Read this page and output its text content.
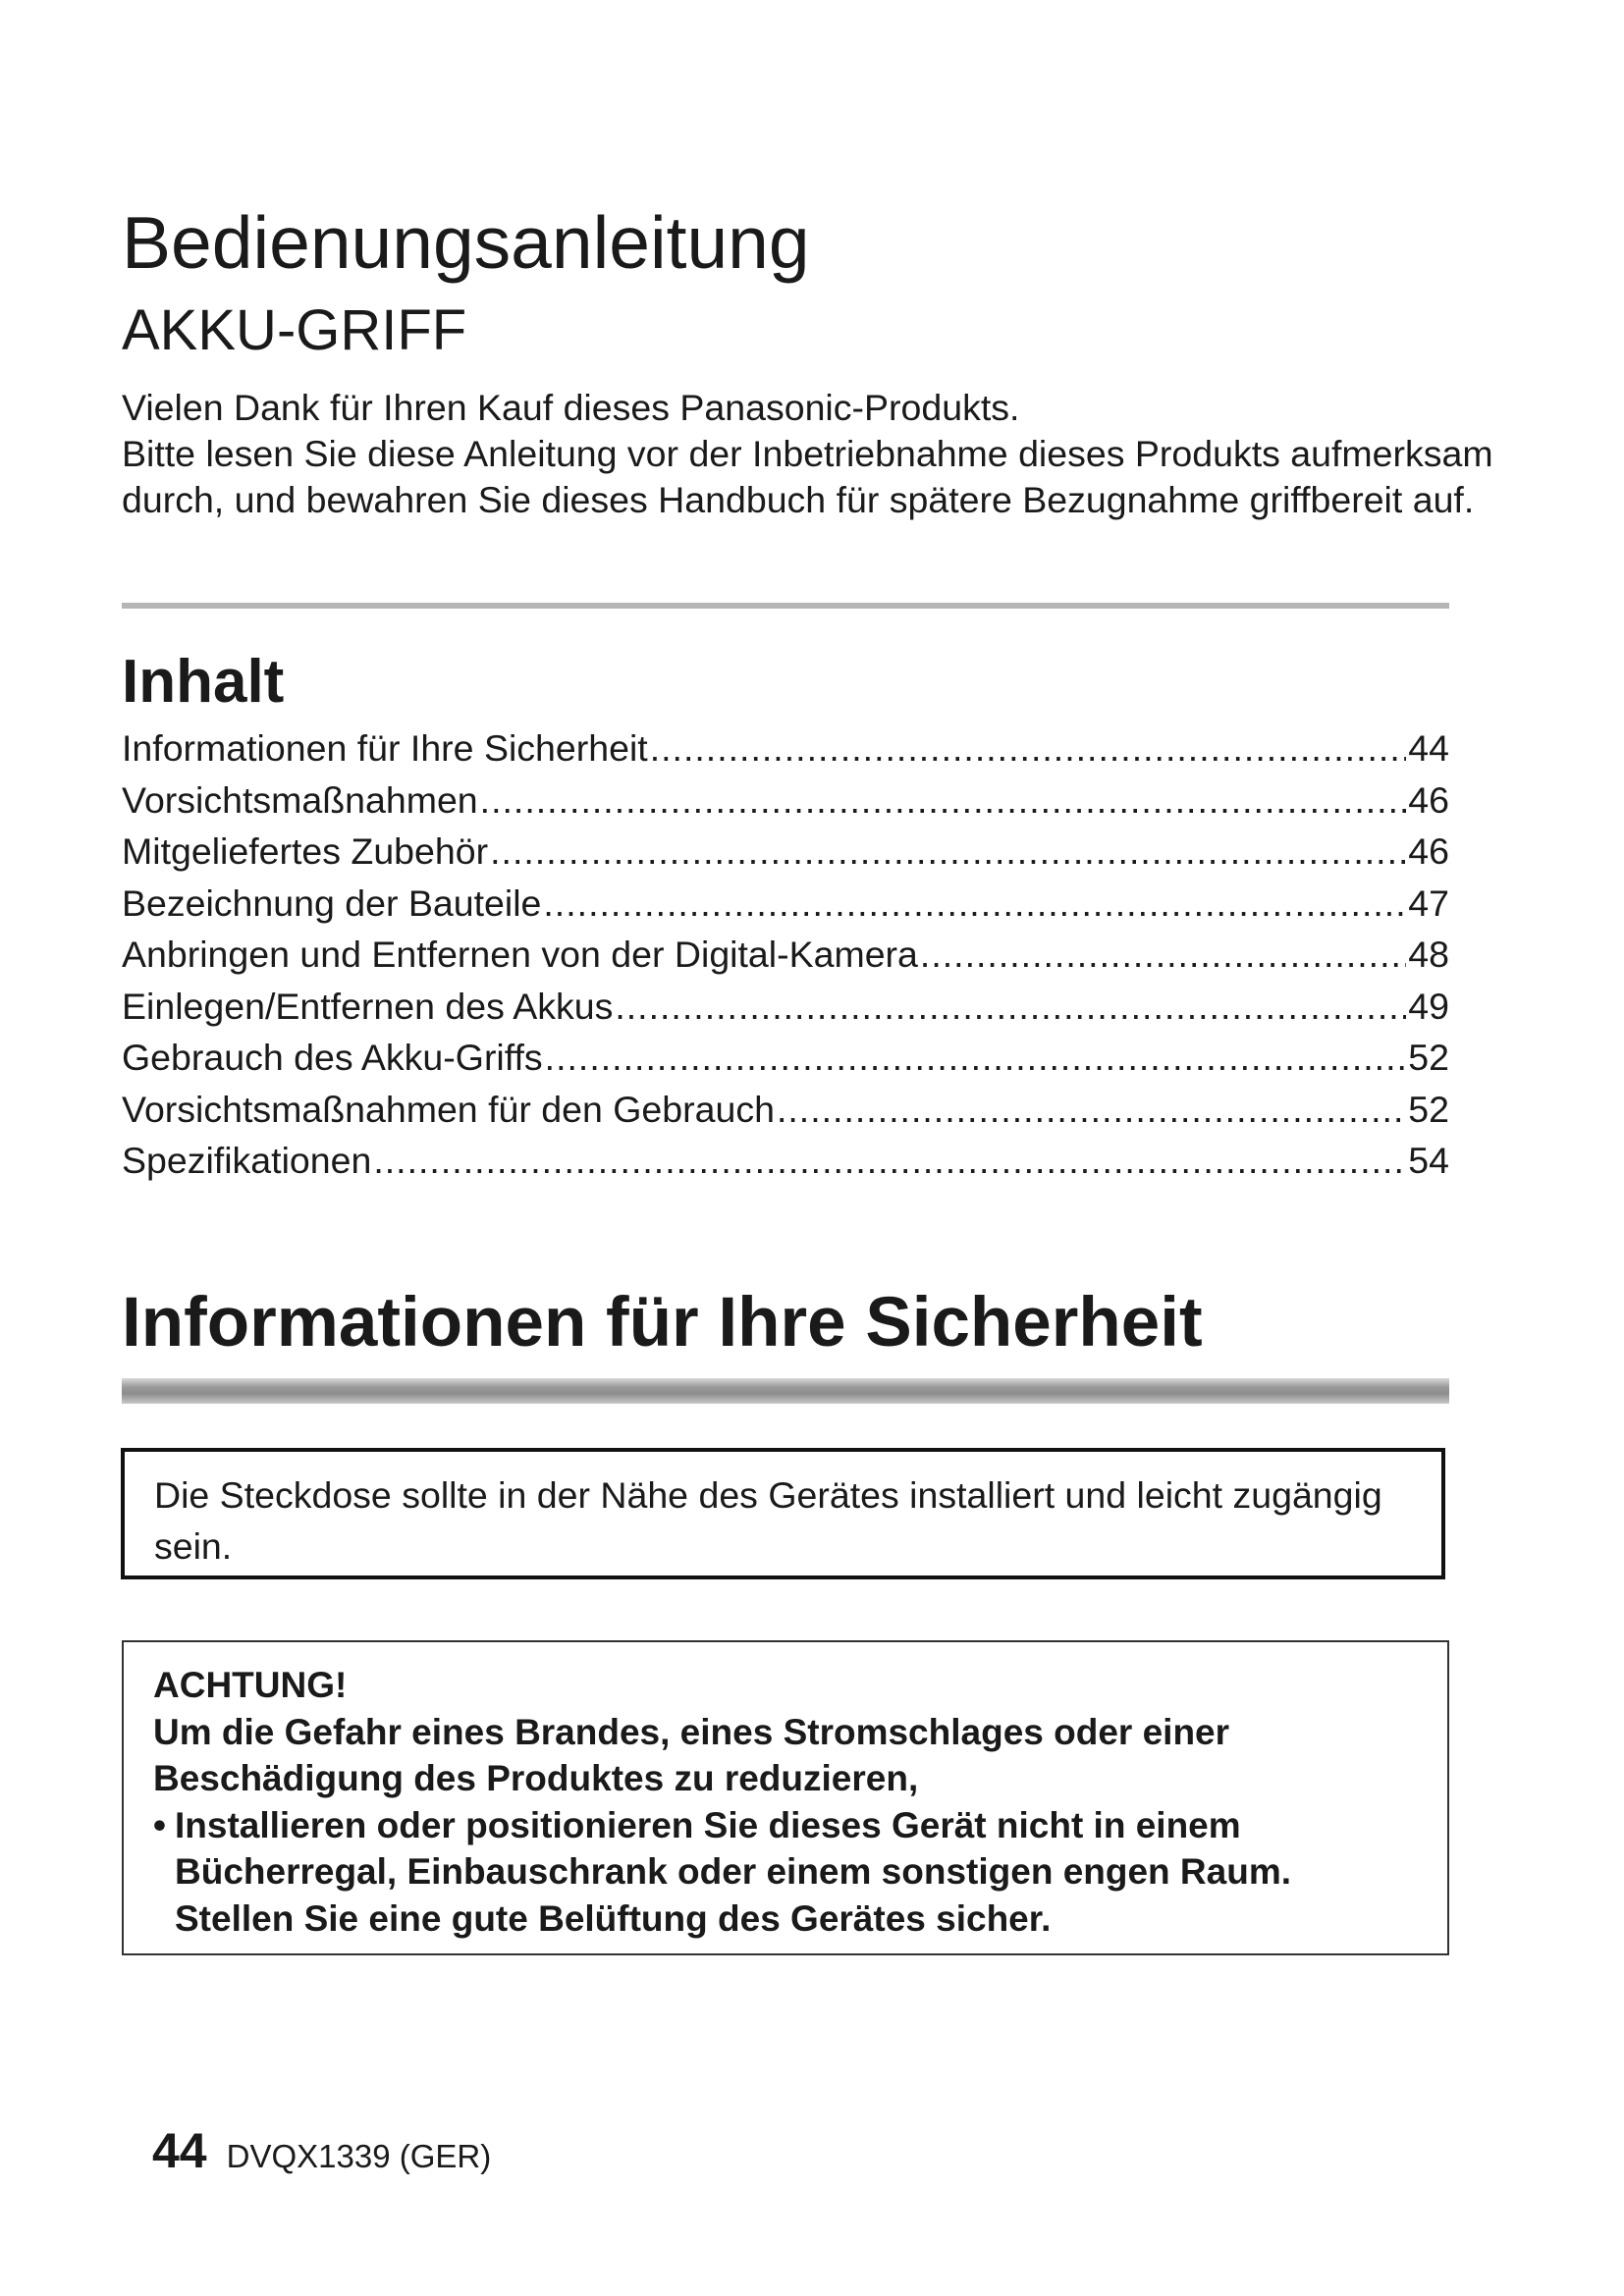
Bedienungsanleitung
AKKU-GRIFF

Vielen Dank für Ihren Kauf dieses Panasonic-Produkts.

Bitte lesen Sie diese Anleitung vor der Inbetriebnahme dieses Produkts aufmerksam durch, und bewahren Sie dieses Handbuch für spätere Bezugnahme griffbereit auf.

Inhalt
Informationen für Ihre Sicherheit .....	44
Vorsichtsmaßnahmen .....	46
Mitgeliefertes Zubehör .....	46
Bezeichnung der Bauteile .....	47
Anbringen und Entfernen von der Digital-Kamera .....	48
Einlegen/Entfernen des Akkus .....	49
Gebrauch des Akku-Griffs .....	52
Vorsichtsmaßnahmen für den Gebrauch .....	52
Spezifikationen .....	54
Informationen für Ihre Sicherheit
Die Steckdose sollte in der Nähe des Gerätes installiert und leicht zugängig sein.

ACHTUNG!

Um die Gefahr eines Brandes, eines Stromschlages oder einer Beschädigung des Produktes zu reduzieren,

• Installieren oder positionieren Sie dieses Gerät nicht in einem Bücherregal, Einbauschrank oder einem sonstigen engen Raum. Stellen Sie eine gute Belüftung des Gerätes sicher.
44 DVQX1339 (GER)
